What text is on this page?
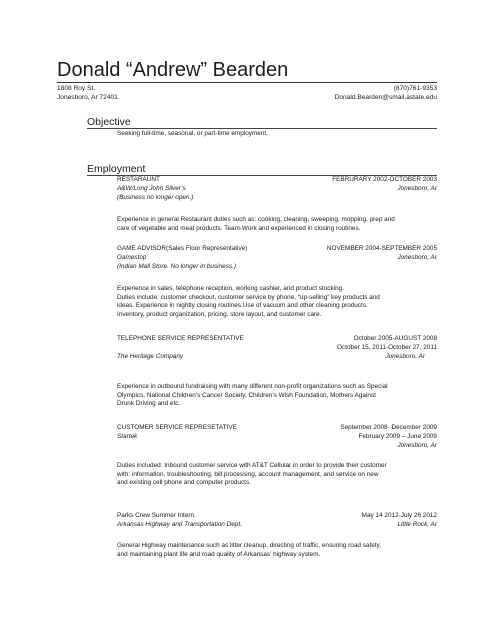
Donald “Andrew” Bearden
1808 Roy St.	(870)761-9353
Jonesboro, Ar 72401.	Donald.Bearden@smail.astate.edu
Objective
Seeking full-time, seasonal, or part-time employment.
Employment
RESTARAUNT	FEBRURARY 2002-OCTOBER 2003
A&W/Long John Silver’s	Jonesboro, Ar
(Business no longer open.)

Experience in general Restaurant duties such as: cooking, cleaning, sweeping, mopping, prep and

care of vegetable and meat products. Team-Work and experienced in closing routines.

GAME ADVISOR(Sales Floor Representative)	NOVEMBER 2004-SEPTEMBER 2005
Gamestop	Jonesboro, Ar
(Indian Mall Store. No longer in business.)

Experience in sales, telephone reception, working cashier, and product stocking.

Duties include: customer checkout, customer service by phone, “up-selling” key products and

ideas. Experience in nightly closing routines.Use of vacuum and other cleaning products.

Inventory, product organization, pricing, store layout, and customer care.

TELEPHONE SERVICE REPRESENTATIVE	October 2005-AUGUST 2008
October 15, 2011-October 27, 2011
The Heritage Company	Jonesboro, Ar

Experience in outbound fundraising with many different non-profit organizations such as Special

Olympics, National Children’s Cancer Society, Children’s Wish Foundation, Mothers Against

Drunk Driving and etc.

CUSTOMER SERVICE REPRESETATIVE	September 2008- December 2009
Startek	February 2009 – June 2009
Jonesboro, Ar

Duties included: Inbound customer service with AT&T Cellular in order to provide their customer

with: information, troubleshooting, bill processing, account management, and service on new

and existing cell phone and computer products.

Parks Crew Summer Intern.	May 14 2012-July 26 2012
Arkansas Highway and Transportation Dept.	Little Rock, Ar

General Highway maintenance such as litter cleanup, directing of traffic, ensuring road safety,

and maintaining plant life and road quality of Arkansas’ highway system.
